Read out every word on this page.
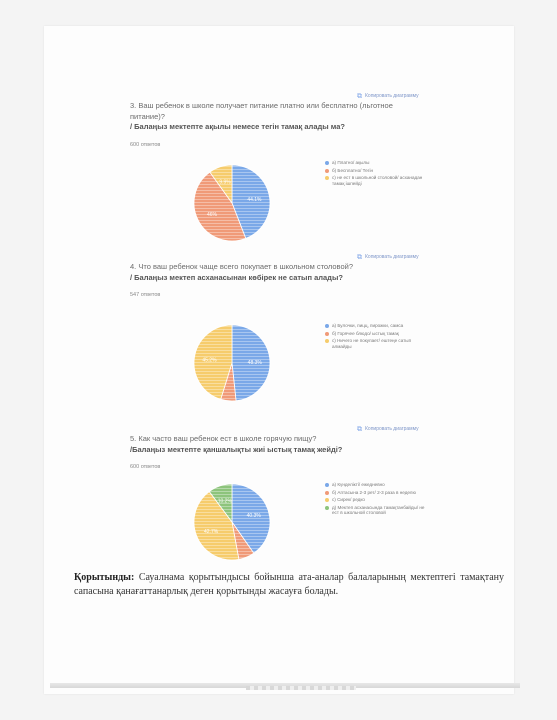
3. Ваш ребенок в школе получает питание платно или бесплатно (льготное питание)?

/ Балаңыз мектепте ақылы немесе тегін тамақ алады ма?

600 ответов
⧉ Копировать диаграмму
а) Платно/ ақылы
б) Бесплатно/ Тегін
с) не ест в школьной столовой/ асханадан тамақ ішпейді

4. Что ваш ребенок чаще всего покупает в школьном столовой?

/ Балаңыз мектеп асханасынан көбірек не сатып алады?

547 ответов
⧉ Копировать диаграмму
а) Булочки, пицц, пирожки, самса
б) Горячее блюдо/ ыстық тамақ
с) Ничего не покупает/ ештеңе сатып алмайды

5. Как часто ваш ребенок ест в школе горячую пищу?

/Балаңыз мектепте қаншалықты жиі ыстық тамақ жейді?

600 ответов
⧉ Копировать диаграмму
а) Күнделікті/ ежедневно
б) Аптасына 2-3 рет/ 2-3 раза в неделю
с) Сирек/ редко
д) Мектеп асханасында тамақтанбайды/ не ест в школьной столовой
Қорытынды: Сауалнама қорытындысы бойынша ата-аналар балаларының мектептегі тамақтану сапасына қанағаттанарлық деген қорытынды жасауға болады.
